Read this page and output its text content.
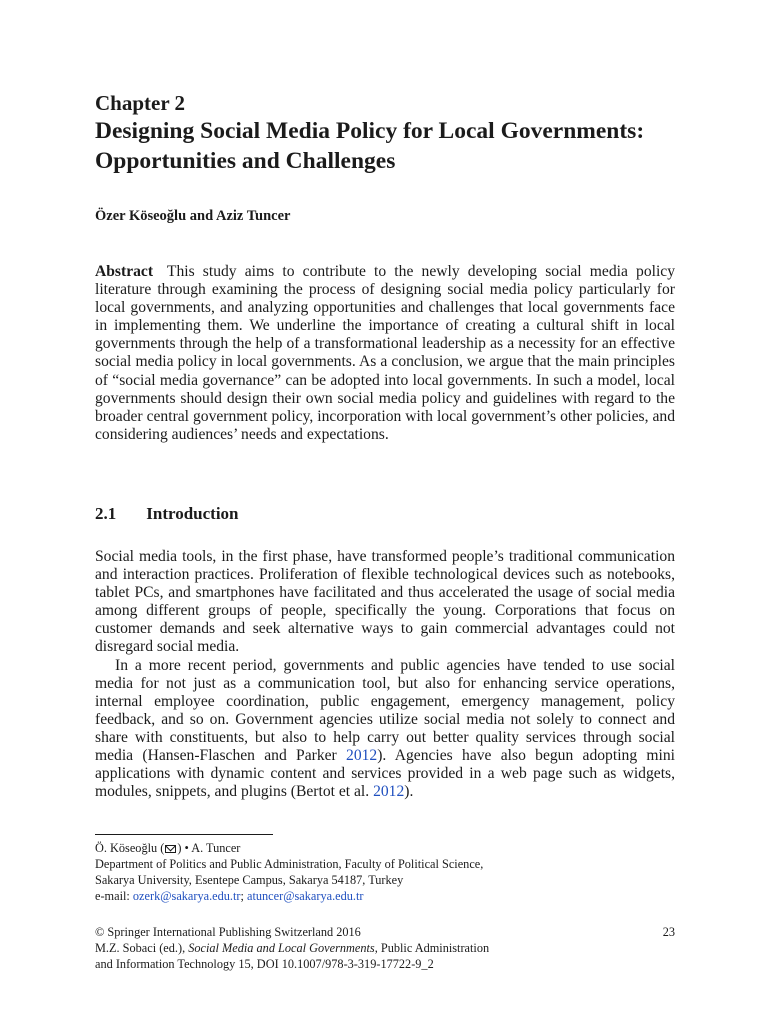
Chapter 2
Designing Social Media Policy for Local Governments: Opportunities and Challenges
Özer Köseoğlu and Aziz Tuncer
Abstract This study aims to contribute to the newly developing social media policy literature through examining the process of designing social media policy particularly for local governments, and analyzing opportunities and challenges that local governments face in implementing them. We underline the importance of creating a cultural shift in local governments through the help of a transformational leadership as a necessity for an effective social media policy in local governments. As a conclusion, we argue that the main principles of “social media governance” can be adopted into local governments. In such a model, local governments should design their own social media policy and guidelines with regard to the broader central government policy, incorporation with local government’s other policies, and considering audiences’ needs and expectations.
2.1 Introduction

Social media tools, in the first phase, have transformed people’s traditional communication and interaction practices. Proliferation of flexible technological devices such as notebooks, tablet PCs, and smartphones have facilitated and thus accelerated the usage of social media among different groups of people, specifically the young. Corporations that focus on customer demands and seek alternative ways to gain commercial advantages could not disregard social media.

In a more recent period, governments and public agencies have tended to use social media for not just as a communication tool, but also for enhancing service operations, internal employee coordination, public engagement, emergency management, policy feedback, and so on. Government agencies utilize social media not solely to connect and share with constituents, but also to help carry out better quality services through social media (Hansen-Flaschen and Parker 2012). Agencies have also begun adopting mini applications with dynamic content and services provided in a web page such as widgets, modules, snippets, and plugins (Bertot et al. 2012).

Ö. Köseoğlu ( ) • A. Tuncer
Department of Politics and Public Administration, Faculty of Political Science,
Sakarya University, Esentepe Campus, Sakarya 54187, Turkey
e-mail: ozerk@sakarya.edu.tr; atuncer@sakarya.edu.tr
© Springer International Publishing Switzerland 2016
M.Z. Sobaci (ed.), Social Media and Local Governments, Public Administration
and Information Technology 15, DOI 10.1007/978-3-319-17722-9_2
23
